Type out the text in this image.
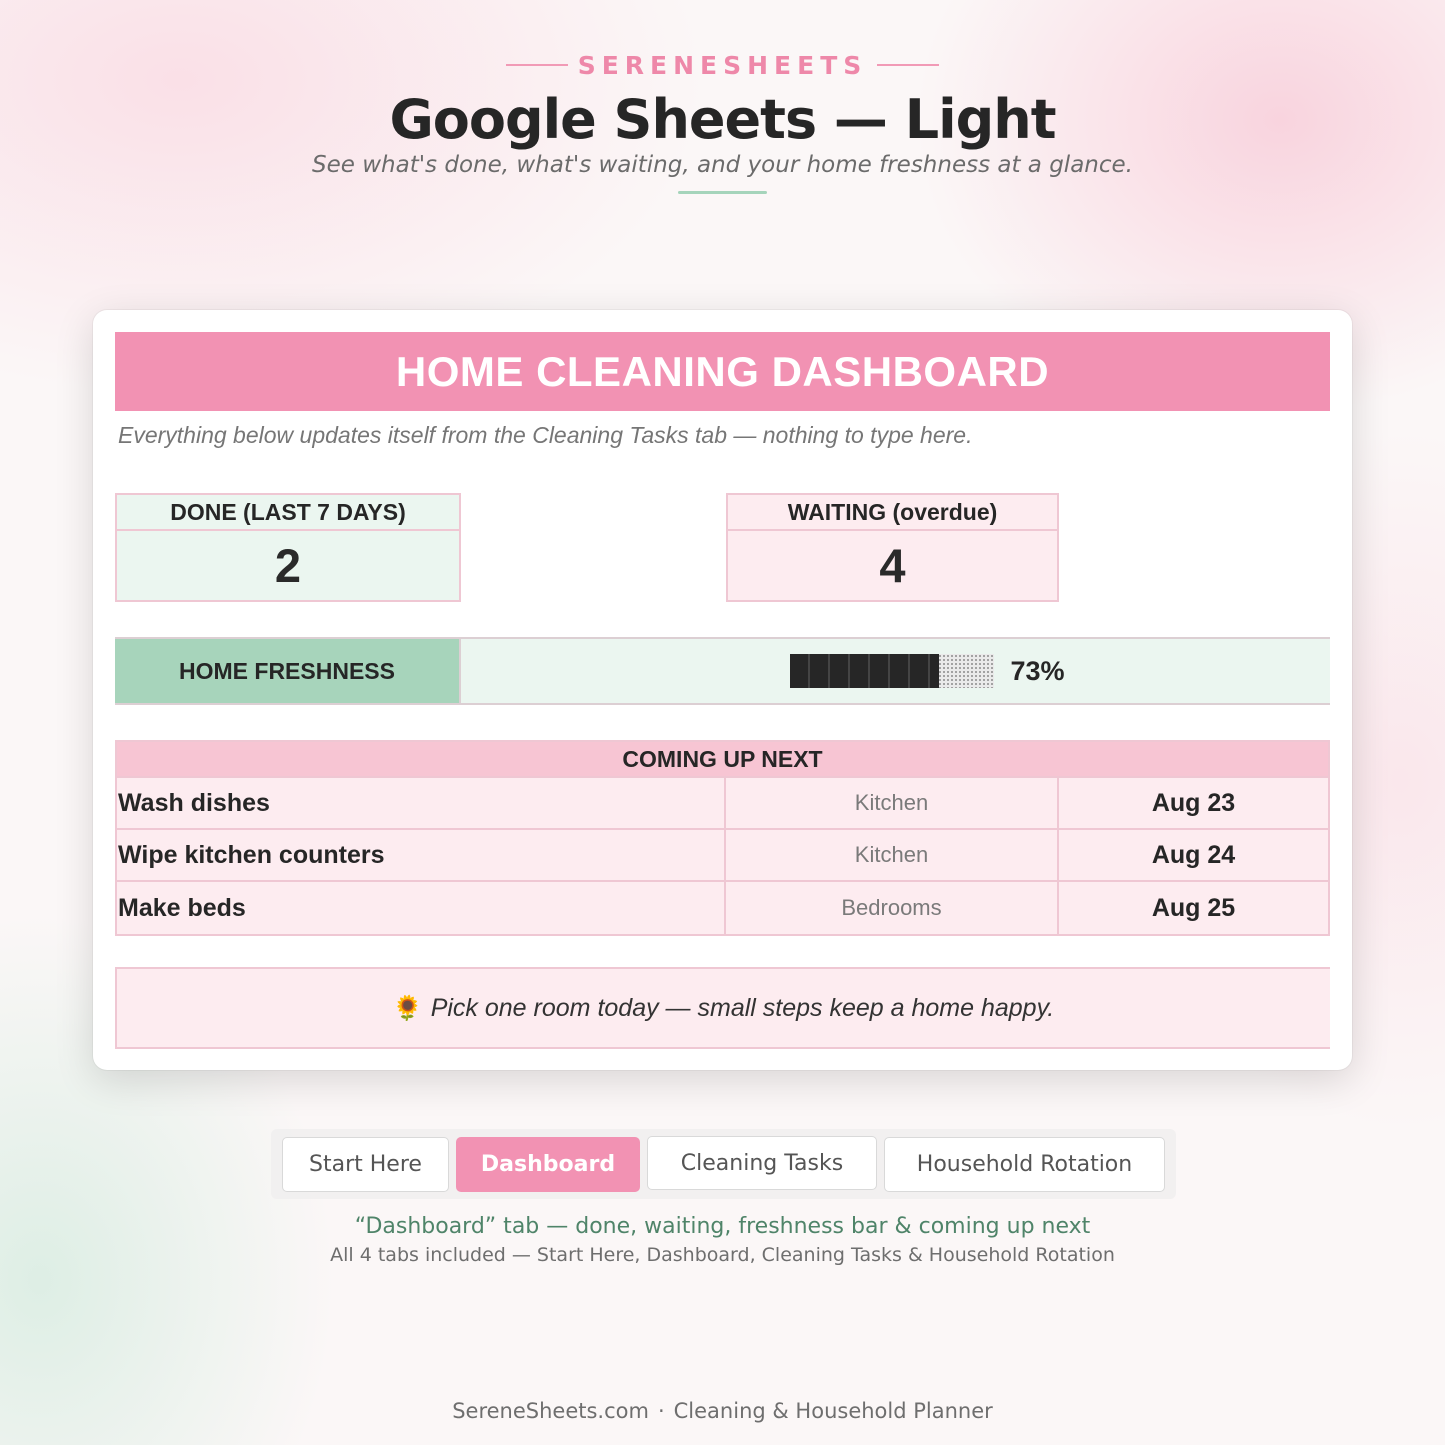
SERENESHEETS
Google Sheets — Light
See what's done, what's waiting, and your home freshness at a glance.
HOME CLEANING DASHBOARD
Everything below updates itself from the Cleaning Tasks tab — nothing to type here.
DONE (LAST 7 DAYS)
2
WAITING (overdue)
4
HOME FRESHNESS	73%
COMING UP NEXT
Wash dishes	Kitchen	Aug 23
Wipe kitchen counters	Kitchen	Aug 24
Make beds	Bedrooms	Aug 25
🌻 Pick one room today — small steps keep a home happy.
Start Here	Dashboard	Cleaning Tasks	Household Rotation
“Dashboard” tab — done, waiting, freshness bar & coming up next
All 4 tabs included — Start Here, Dashboard, Cleaning Tasks & Household Rotation
SereneSheets.com · Cleaning & Household Planner
